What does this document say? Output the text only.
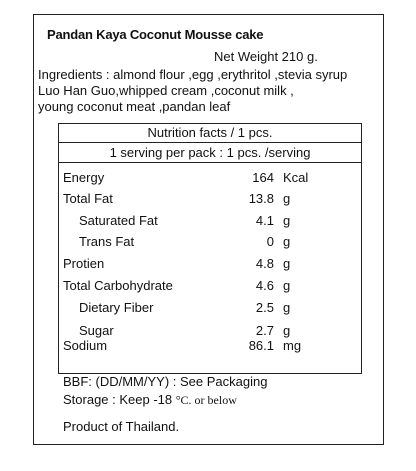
Pandan Kaya Coconut Mousse cake
Net Weight 210 g.
Ingredients : almond flour ,egg ,erythritol ,stevia syrup
Luo Han Guo,whipped cream ,coconut milk ,
young coconut meat ,pandan leaf
Nutrition facts / 1 pcs.
1 serving per pack : 1 pcs. /serving
Energy	164 Kcal
Total Fat	13.8 g
Saturated Fat	4.1 g
Trans Fat	0 g
Protien	4.8 g
Total Carbohydrate	4.6 g
Dietary Fiber	2.5 g
Sugar	2.7 g
Sodium	86.1 mg
BBF: (DD/MM/YY) : See Packaging
Storage : Keep -18 °C. or below
Product of Thailand.
